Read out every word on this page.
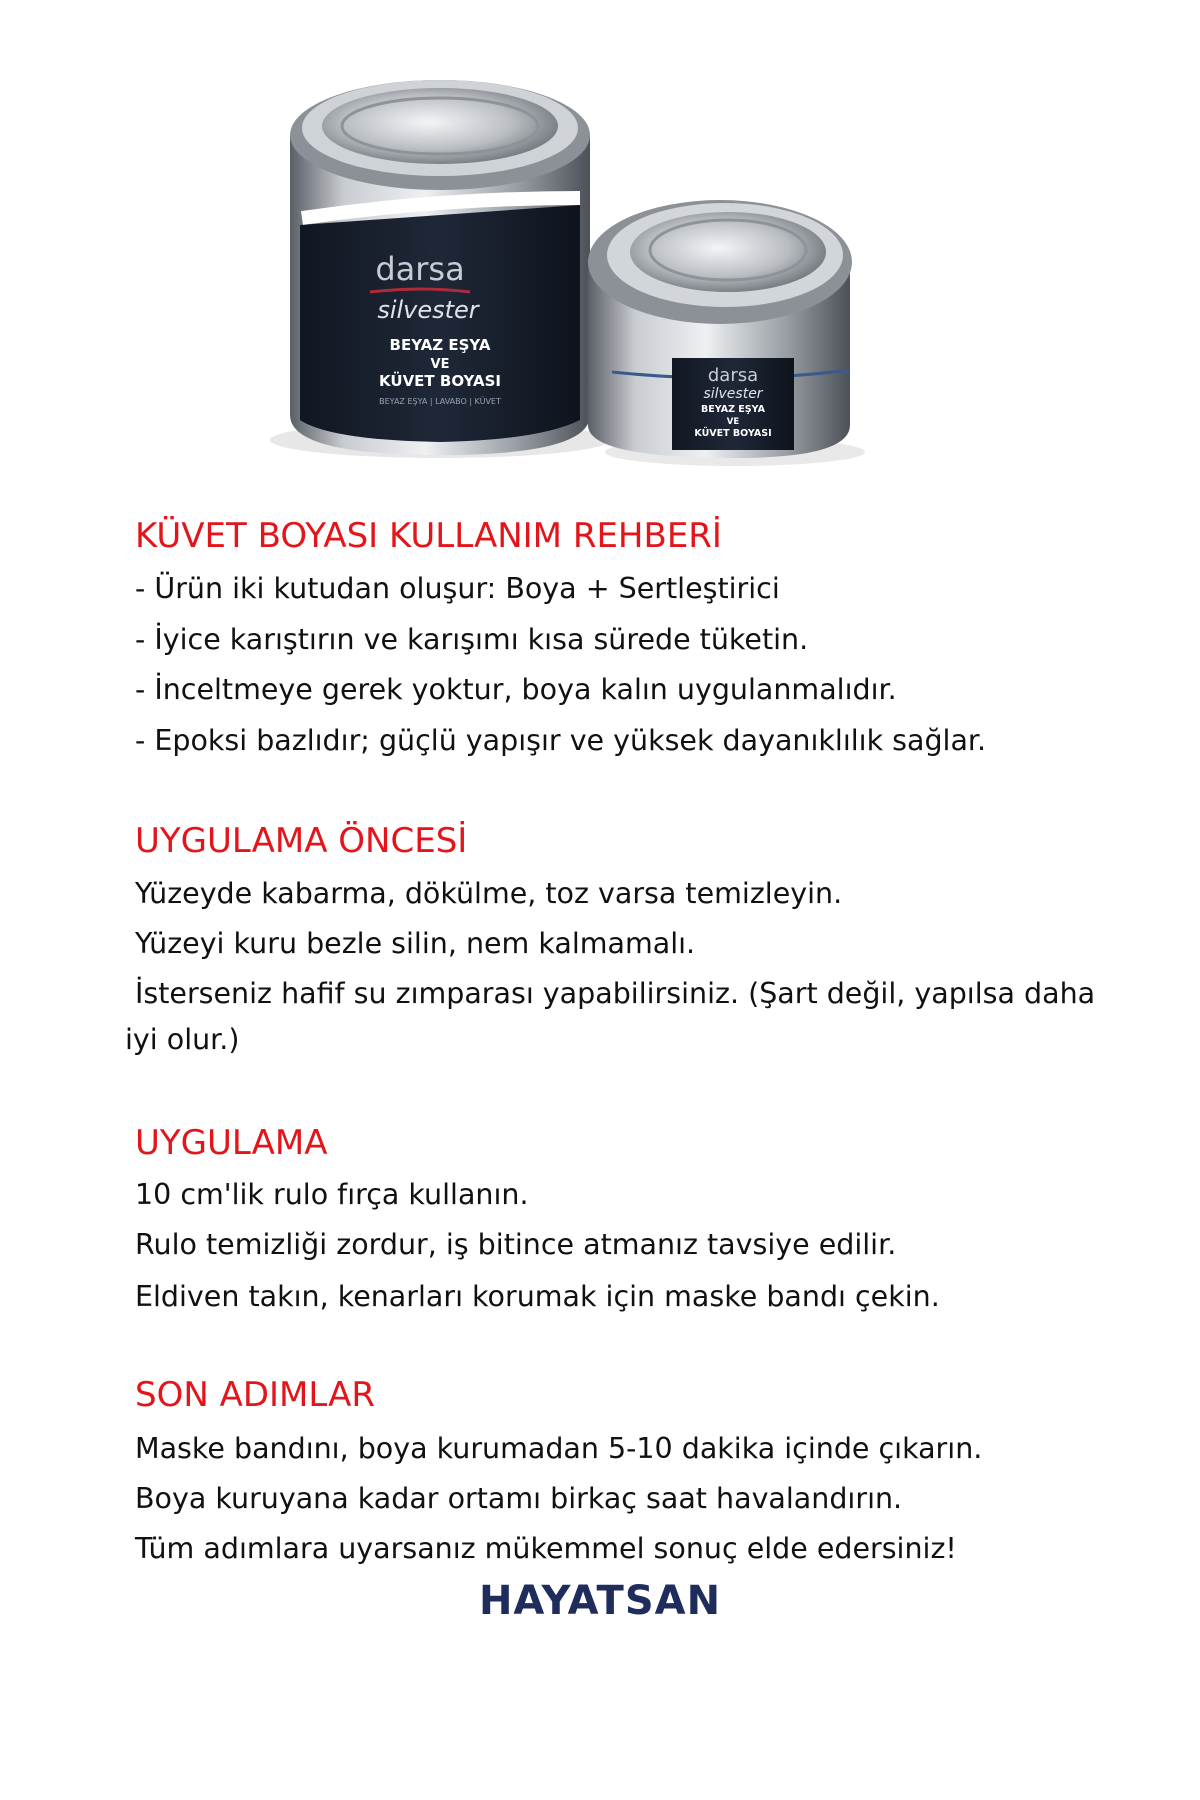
darsa
silvester
BEYAZ EŞYA
VE
KÜVET BOYASI
BEYAZ EŞYA | LAVABO | KÜVET
darsa
silvester
BEYAZ EŞYA
VE
KÜVET BOYASI
KÜVET BOYASI KULLANIM REHBERİ
- Ürün iki kutudan oluşur: Boya + Sertleştirici
- İyice karıştırın ve karışımı kısa sürede tüketin.
- İnceltmeye gerek yoktur, boya kalın uygulanmalıdır.
- Epoksi bazlıdır; güçlü yapışır ve yüksek dayanıklılık sağlar.
UYGULAMA ÖNCESİ

Yüzeyde kabarma, dökülme, toz varsa temizleyin.

Yüzeyi kuru bezle silin, nem kalmamalı.

İsterseniz hafif su zımparası yapabilirsiniz. (Şart değil, yapılsa daha

iyi olur.)

UYGULAMA

10 cm'lik rulo fırça kullanın.

Rulo temizliği zordur, iş bitince atmanız tavsiye edilir.

Eldiven takın, kenarları korumak için maske bandı çekin.

SON ADIMLAR

Maske bandını, boya kurumadan 5-10 dakika içinde çıkarın.

Boya kuruyana kadar ortamı birkaç saat havalandırın.

Tüm adımlara uyarsanız mükemmel sonuç elde edersiniz!

HAYATSAN
